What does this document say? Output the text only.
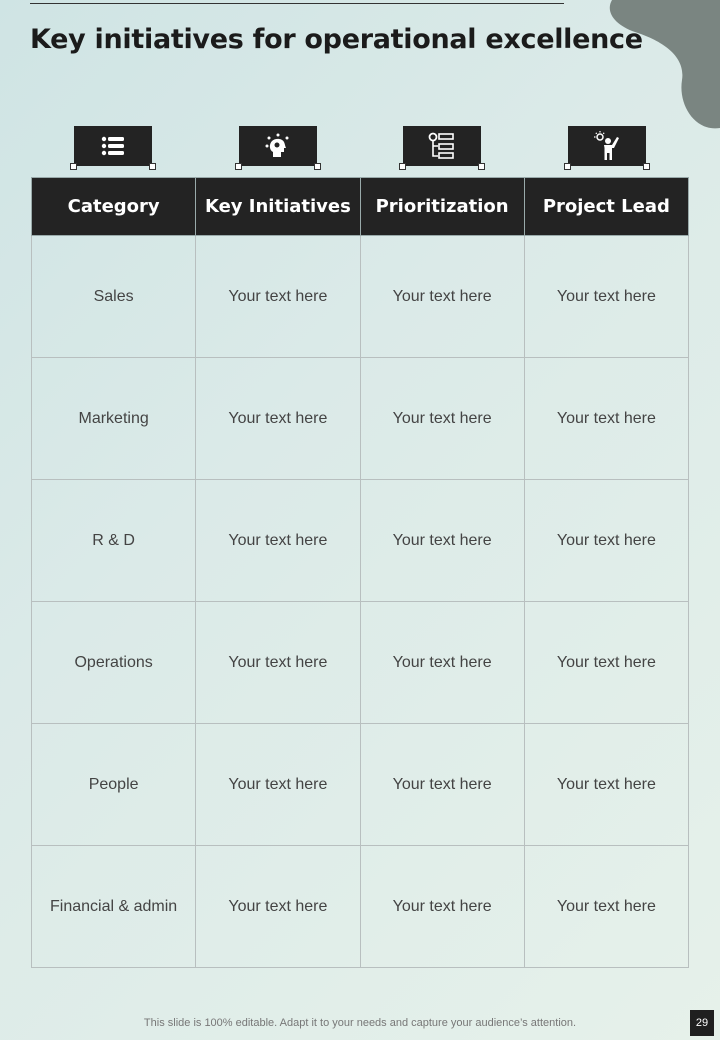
Key initiatives for operational excellence
Category	Key Initiatives	Prioritization	Project Lead
Sales	Your text here	Your text here	Your text here
Marketing	Your text here	Your text here	Your text here
R & D	Your text here	Your text here	Your text here
Operations	Your text here	Your text here	Your text here
People	Your text here	Your text here	Your text here
Financial & admin	Your text here	Your text here	Your text here
This slide is 100% editable. Adapt it to your needs and capture your audience’s attention.	29
